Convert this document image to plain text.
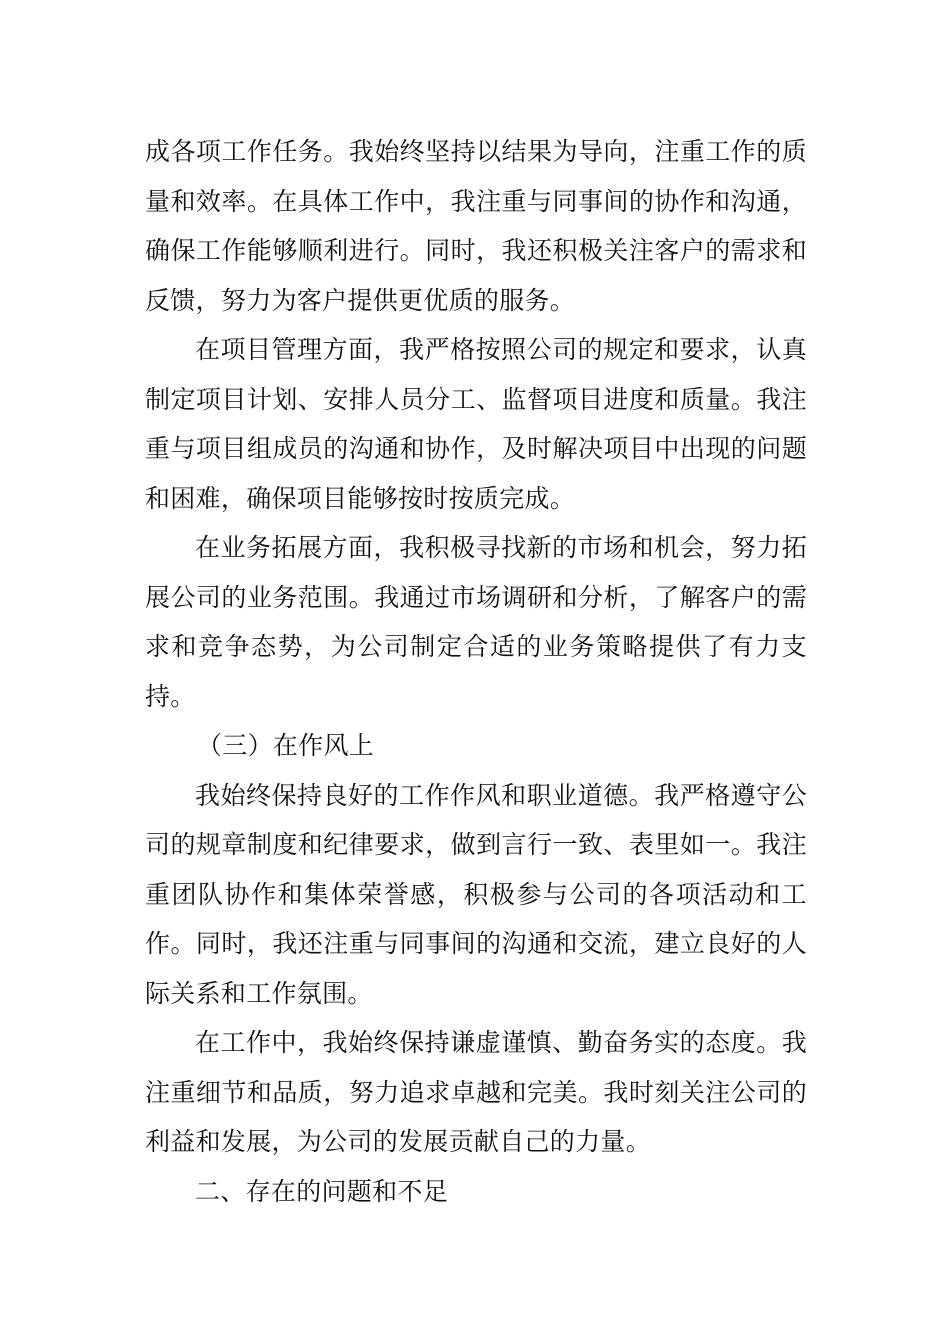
成各项工作任务。我始终坚持以结果为导向，注重工作的质量和效率。在具体工作中，我注重与同事间的协作和沟通，确保工作能够顺利进行。同时，我还积极关注客户的需求和反馈，努力为客户提供更优质的服务。

在项目管理方面，我严格按照公司的规定和要求，认真制定项目计划、安排人员分工、监督项目进度和质量。我注重与项目组成员的沟通和协作，及时解决项目中出现的问题和困难，确保项目能够按时按质完成。

在业务拓展方面，我积极寻找新的市场和机会，努力拓展公司的业务范围。我通过市场调研和分析，了解客户的需求和竞争态势，为公司制定合适的业务策略提供了有力支持。

（三）在作风上

我始终保持良好的工作作风和职业道德。我严格遵守公司的规章制度和纪律要求，做到言行一致、表里如一。我注重团队协作和集体荣誉感，积极参与公司的各项活动和工作。同时，我还注重与同事间的沟通和交流，建立良好的人际关系和工作氛围。

在工作中，我始终保持谦虚谨慎、勤奋务实的态度。我注重细节和品质，努力追求卓越和完美。我时刻关注公司的利益和发展，为公司的发展贡献自己的力量。

二、存在的问题和不足
